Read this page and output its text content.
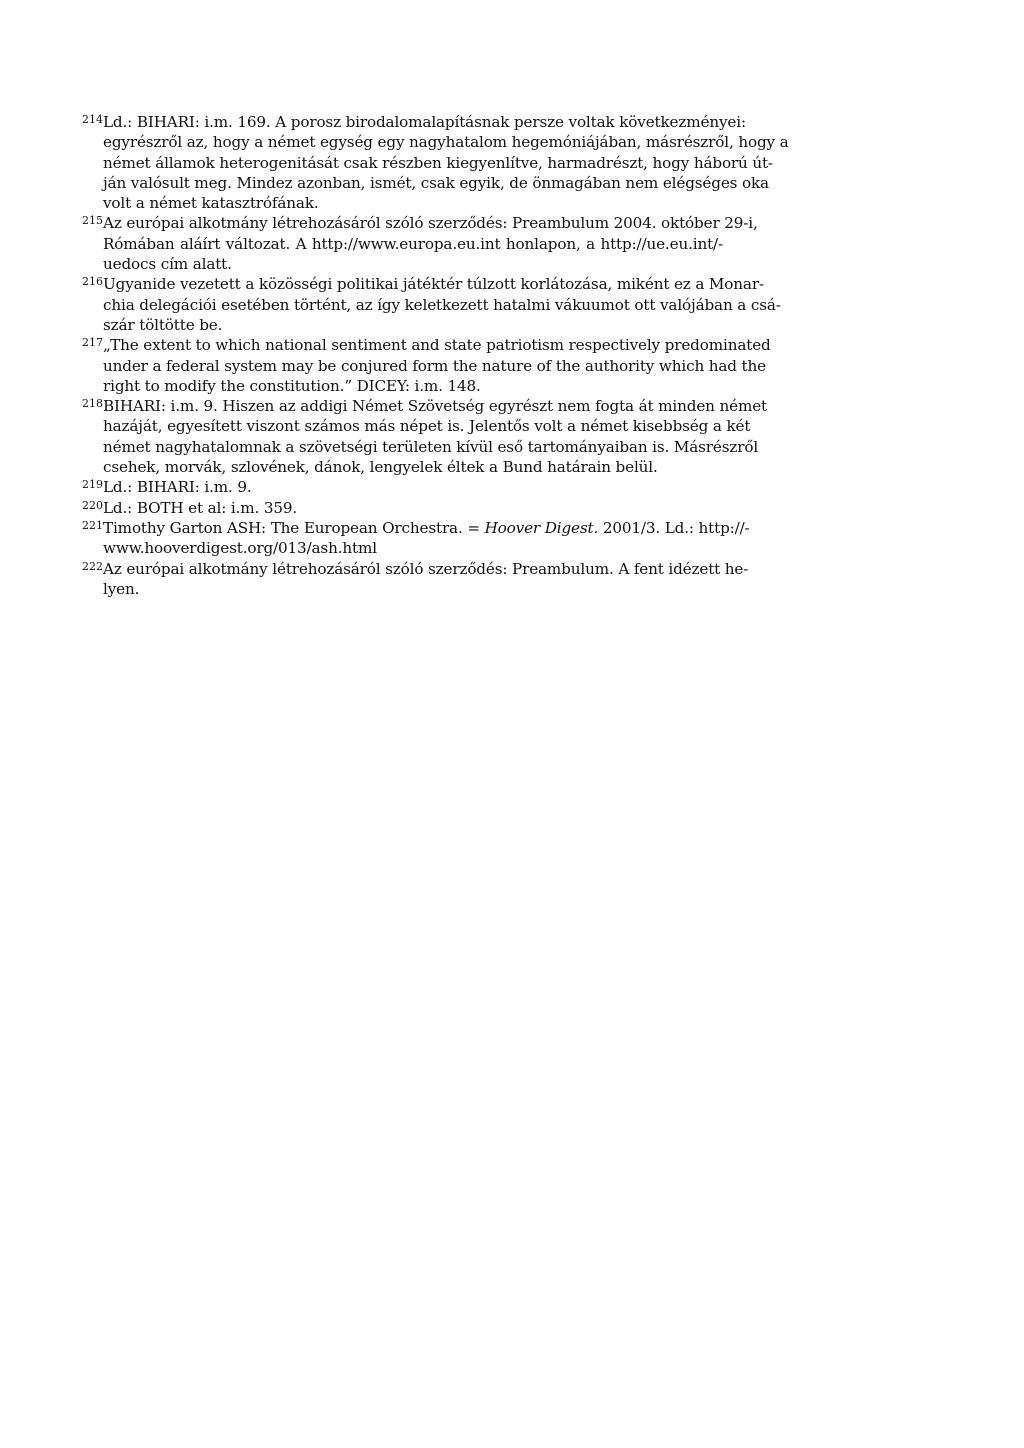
214 Ld.: BIHARI: i.m. 169. A porosz birodalomalapításnak persze voltak következményei:
egyrészről az, hogy a német egység egy nagyhatalom hegemóniájában, másrészről, hogy a
német államok heterogenitását csak részben kiegyenlítve, harmadrészt, hogy háború út-
ján valósult meg. Mindez azonban, ismét, csak egyik, de önmagában nem elégséges oka
volt a német katasztrófának.
215 Az európai alkotmány létrehozásáról szóló szerződés: Preambulum 2004. október 29-i,
Rómában aláírt változat. A http://www.europa.eu.int honlapon, a http://ue.eu.int/-
uedocs cím alatt.
216 Ugyanide vezetett a közösségi politikai játéktér túlzott korlátozása, miként ez a Monar-
chia delegációi esetében történt, az így keletkezett hatalmi vákuumot ott valójában a csá-
szár töltötte be.
217 „The extent to which national sentiment and state patriotism respectively predominated
under a federal system may be conjured form the nature of the authority which had the
right to modify the constitution.” DICEY: i.m. 148.
218 BIHARI: i.m. 9. Hiszen az addigi Német Szövetség egyrészt nem fogta át minden német
hazáját, egyesített viszont számos más népet is. Jelentős volt a német kisebbség a két
német nagyhatalomnak a szövetségi területen kívül eső tartományaiban is. Másrészről
csehek, morvák, szlovének, dánok, lengyelek éltek a Bund határain belül.
219 Ld.: BIHARI: i.m. 9.
220 Ld.: BOTH et al: i.m. 359.
221 Timothy Garton ASH: The European Orchestra. = Hoover Digest. 2001/3. Ld.: http://-
www.hooverdigest.org/013/ash.html
222 Az európai alkotmány létrehozásáról szóló szerződés: Preambulum. A fent idézett he-
lyen.
